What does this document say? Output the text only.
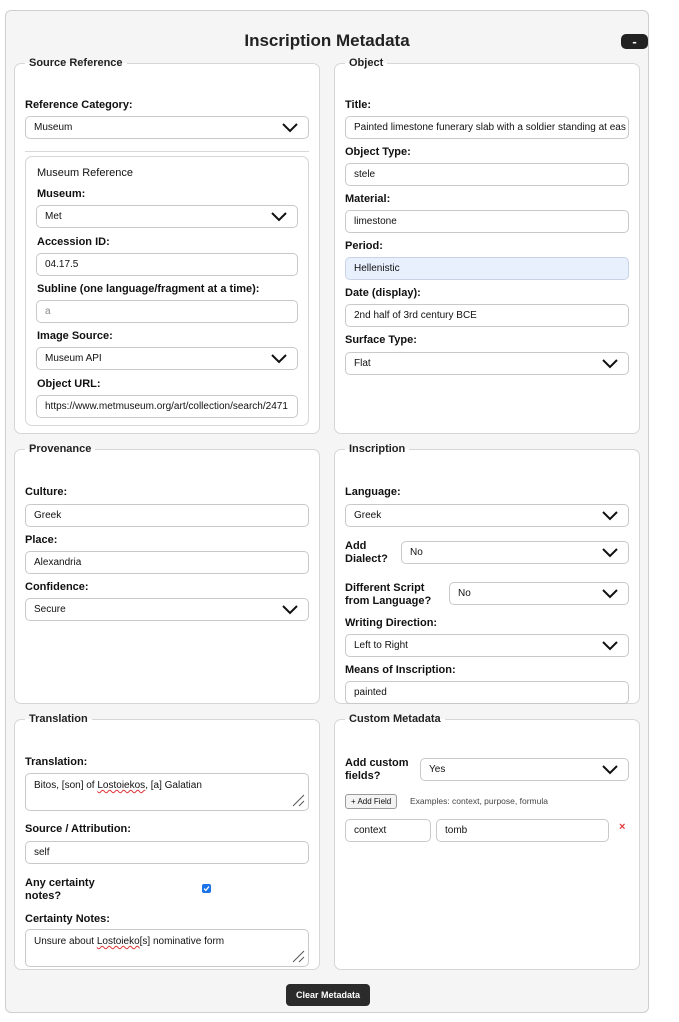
Inscription Metadata	-
Source Reference
Reference Category:
Museum
Museum Reference
Museum:
Met
Accession ID:
04.17.5
Subline (one language/fragment at a time):
a
Image Source:
Museum API
Object URL:
https://www.metmuseum.org/art/collection/search/2471
Object
Title:
Painted limestone funerary slab with a soldier standing at eas
Object Type:
stele
Material:
limestone
Period:
Hellenistic
Date (display):
2nd half of 3rd century BCE
Surface Type:
Flat
Provenance
Culture:
Greek
Place:
Alexandria
Confidence:
Secure
Inscription
Language:
Greek
Add
Dialect?
No
Different Script
from Language?
No
Writing Direction:
Left to Right
Means of Inscription:
painted
Translation
Translation:
Bitos, [son] of Lostoiekos, [a] Galatian
Source / Attribution:
self
Any certainty
notes?
Certainty Notes:
Unsure about Lostoieko[s] nominative form
Custom Metadata
Add custom
fields?
Yes
+ Add Field	Examples: context, purpose, formula
context	tomb	×
Clear Metadata
